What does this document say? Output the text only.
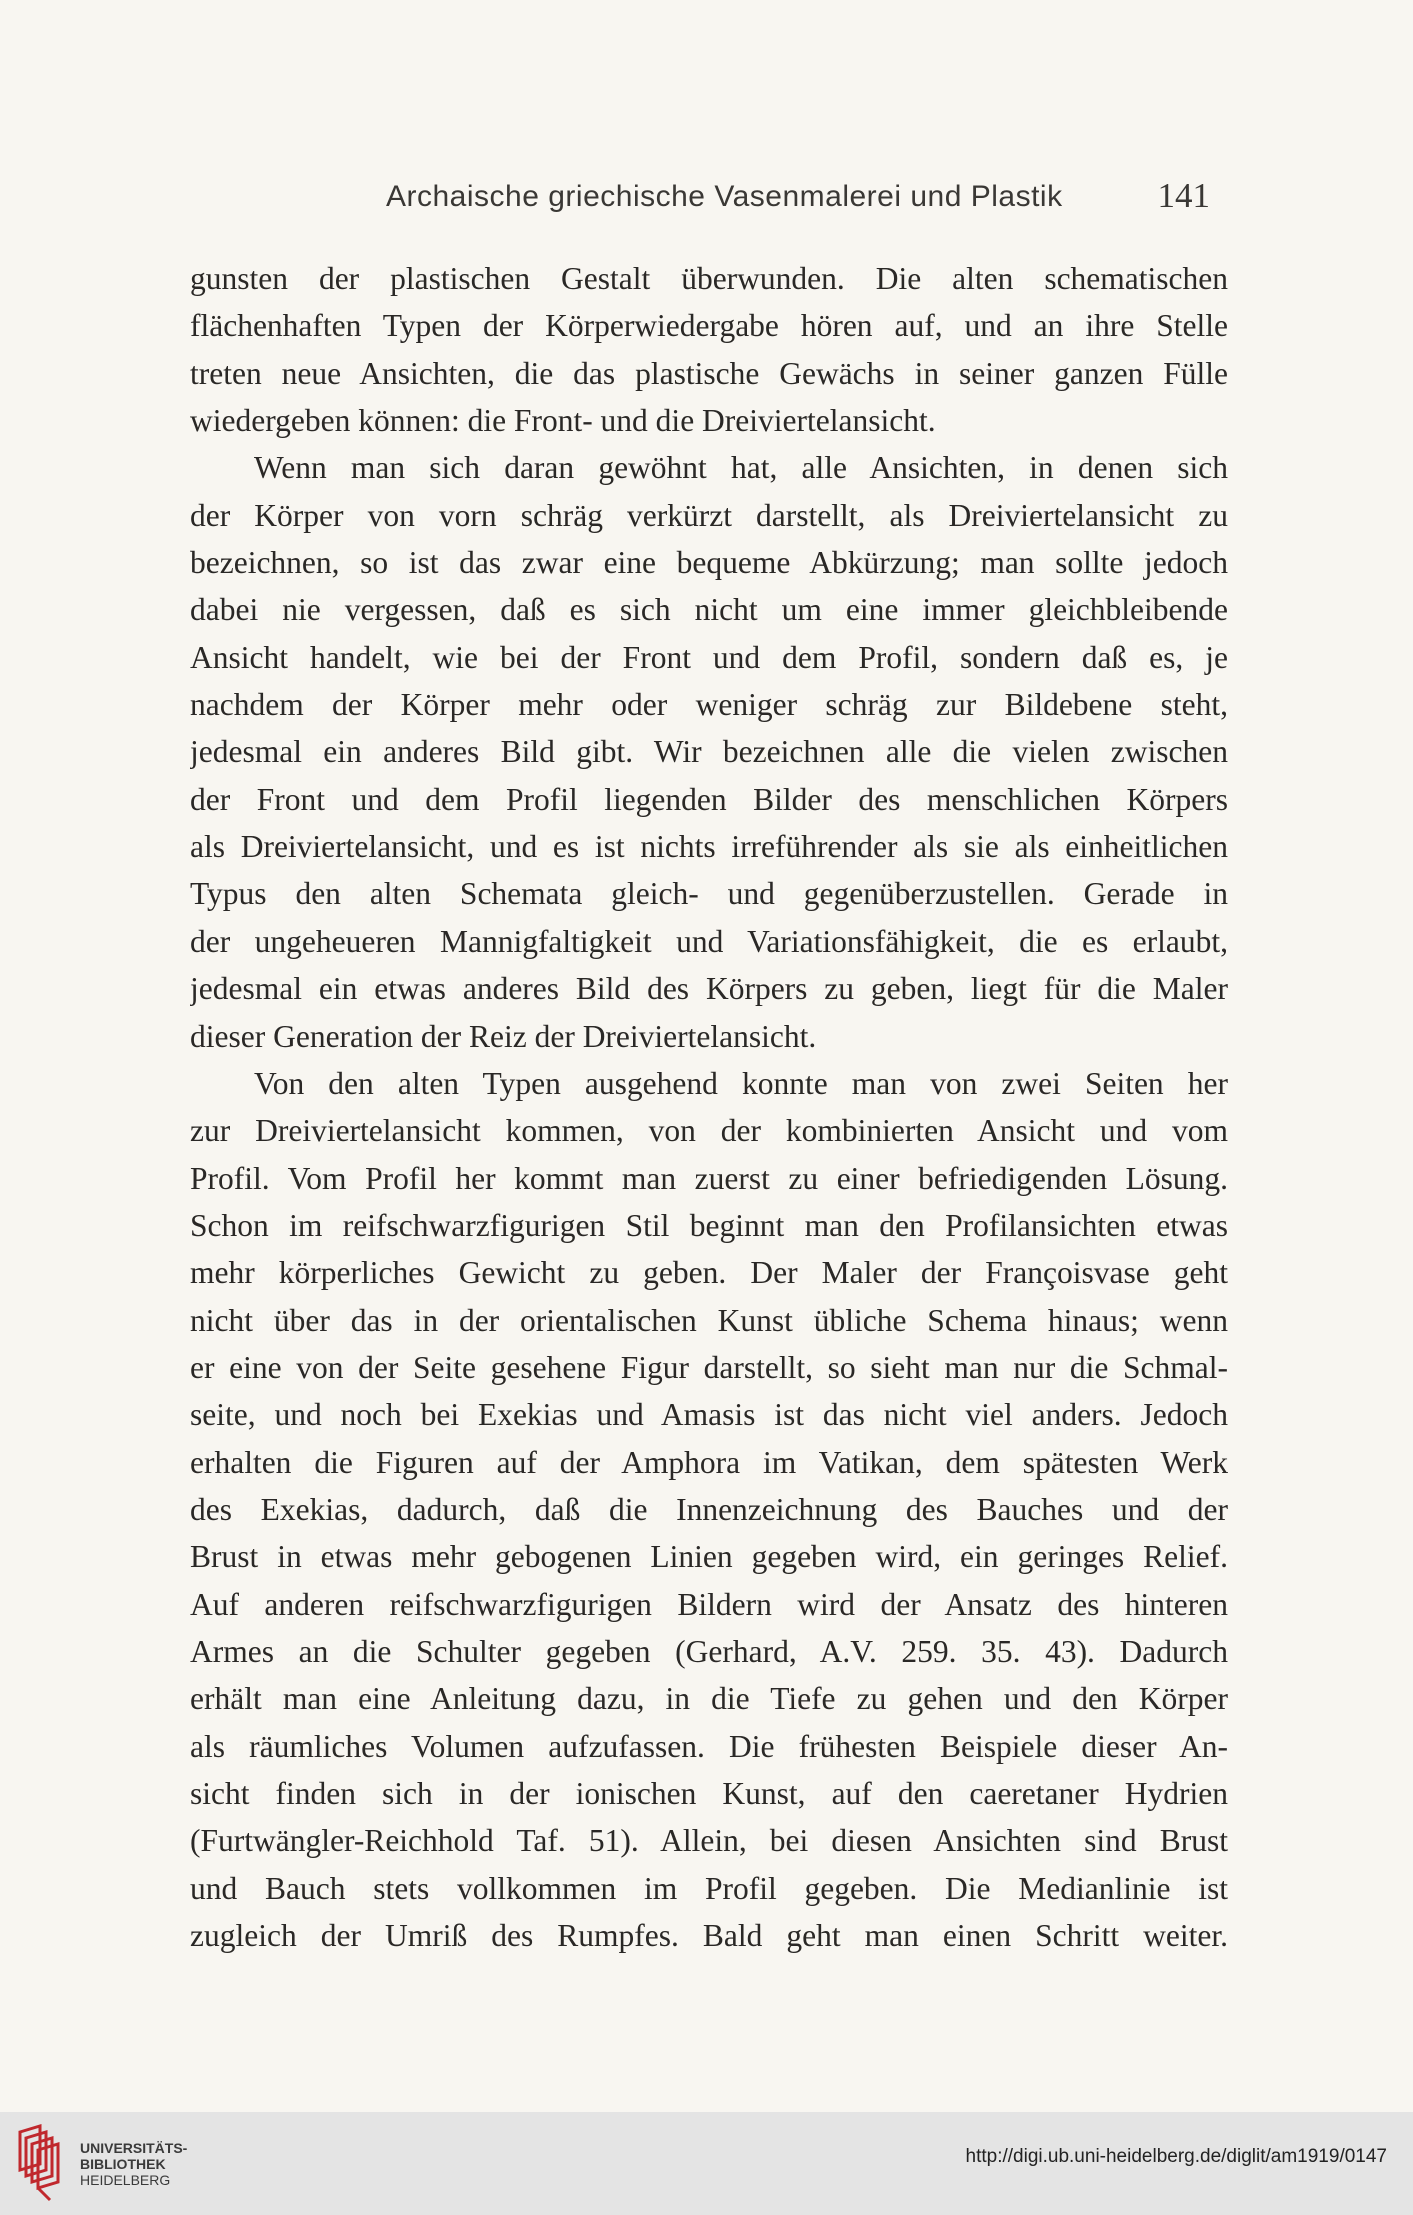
Archaische griechische Vasenmalerei und Plastik	141
gunsten der plastischen Gestalt überwunden. Die alten schematischen
flächenhaften Typen der Körperwiedergabe hören auf, und an ihre Stelle
treten neue Ansichten, die das plastische Gewächs in seiner ganzen Fülle
wiedergeben können: die Front- und die Dreiviertelansicht.
Wenn man sich daran gewöhnt hat, alle Ansichten, in denen sich
der Körper von vorn schräg verkürzt darstellt, als Dreiviertelansicht zu
bezeichnen, so ist das zwar eine bequeme Abkürzung; man sollte jedoch
dabei nie vergessen, daß es sich nicht um eine immer gleichbleibende
Ansicht handelt, wie bei der Front und dem Profil, sondern daß es, je
nachdem der Körper mehr oder weniger schräg zur Bildebene steht,
jedesmal ein anderes Bild gibt. Wir bezeichnen alle die vielen zwischen
der Front und dem Profil liegenden Bilder des menschlichen Körpers
als Dreiviertelansicht, und es ist nichts irreführender als sie als einheitlichen
Typus den alten Schemata gleich- und gegenüberzustellen. Gerade in
der ungeheueren Mannigfaltigkeit und Variationsfähigkeit, die es erlaubt,
jedesmal ein etwas anderes Bild des Körpers zu geben, liegt für die Maler
dieser Generation der Reiz der Dreiviertelansicht.
Von den alten Typen ausgehend konnte man von zwei Seiten her
zur Dreiviertelansicht kommen, von der kombinierten Ansicht und vom
Profil. Vom Profil her kommt man zuerst zu einer befriedigenden Lösung.
Schon im reifschwarzfigurigen Stil beginnt man den Profilansichten etwas
mehr körperliches Gewicht zu geben. Der Maler der Françoisvase geht
nicht über das in der orientalischen Kunst übliche Schema hinaus; wenn
er eine von der Seite gesehene Figur darstellt, so sieht man nur die Schmal-
seite, und noch bei Exekias und Amasis ist das nicht viel anders. Jedoch
erhalten die Figuren auf der Amphora im Vatikan, dem spätesten Werk
des Exekias, dadurch, daß die Innenzeichnung des Bauches und der
Brust in etwas mehr gebogenen Linien gegeben wird, ein geringes Relief.
Auf anderen reifschwarzfigurigen Bildern wird der Ansatz des hinteren
Armes an die Schulter gegeben (Gerhard, A.V. 259. 35. 43). Dadurch
erhält man eine Anleitung dazu, in die Tiefe zu gehen und den Körper
als räumliches Volumen aufzufassen. Die frühesten Beispiele dieser An-
sicht finden sich in der ionischen Kunst, auf den caeretaner Hydrien
(Furtwängler-Reichhold Taf. 51). Allein, bei diesen Ansichten sind Brust
und Bauch stets vollkommen im Profil gegeben. Die Medianlinie ist
zugleich der Umriß des Rumpfes. Bald geht man einen Schritt weiter.
UNIVERSITÄTS-
BIBLIOTHEK
HEIDELBERG
http://digi.ub.uni-heidelberg.de/diglit/am1919/0147
